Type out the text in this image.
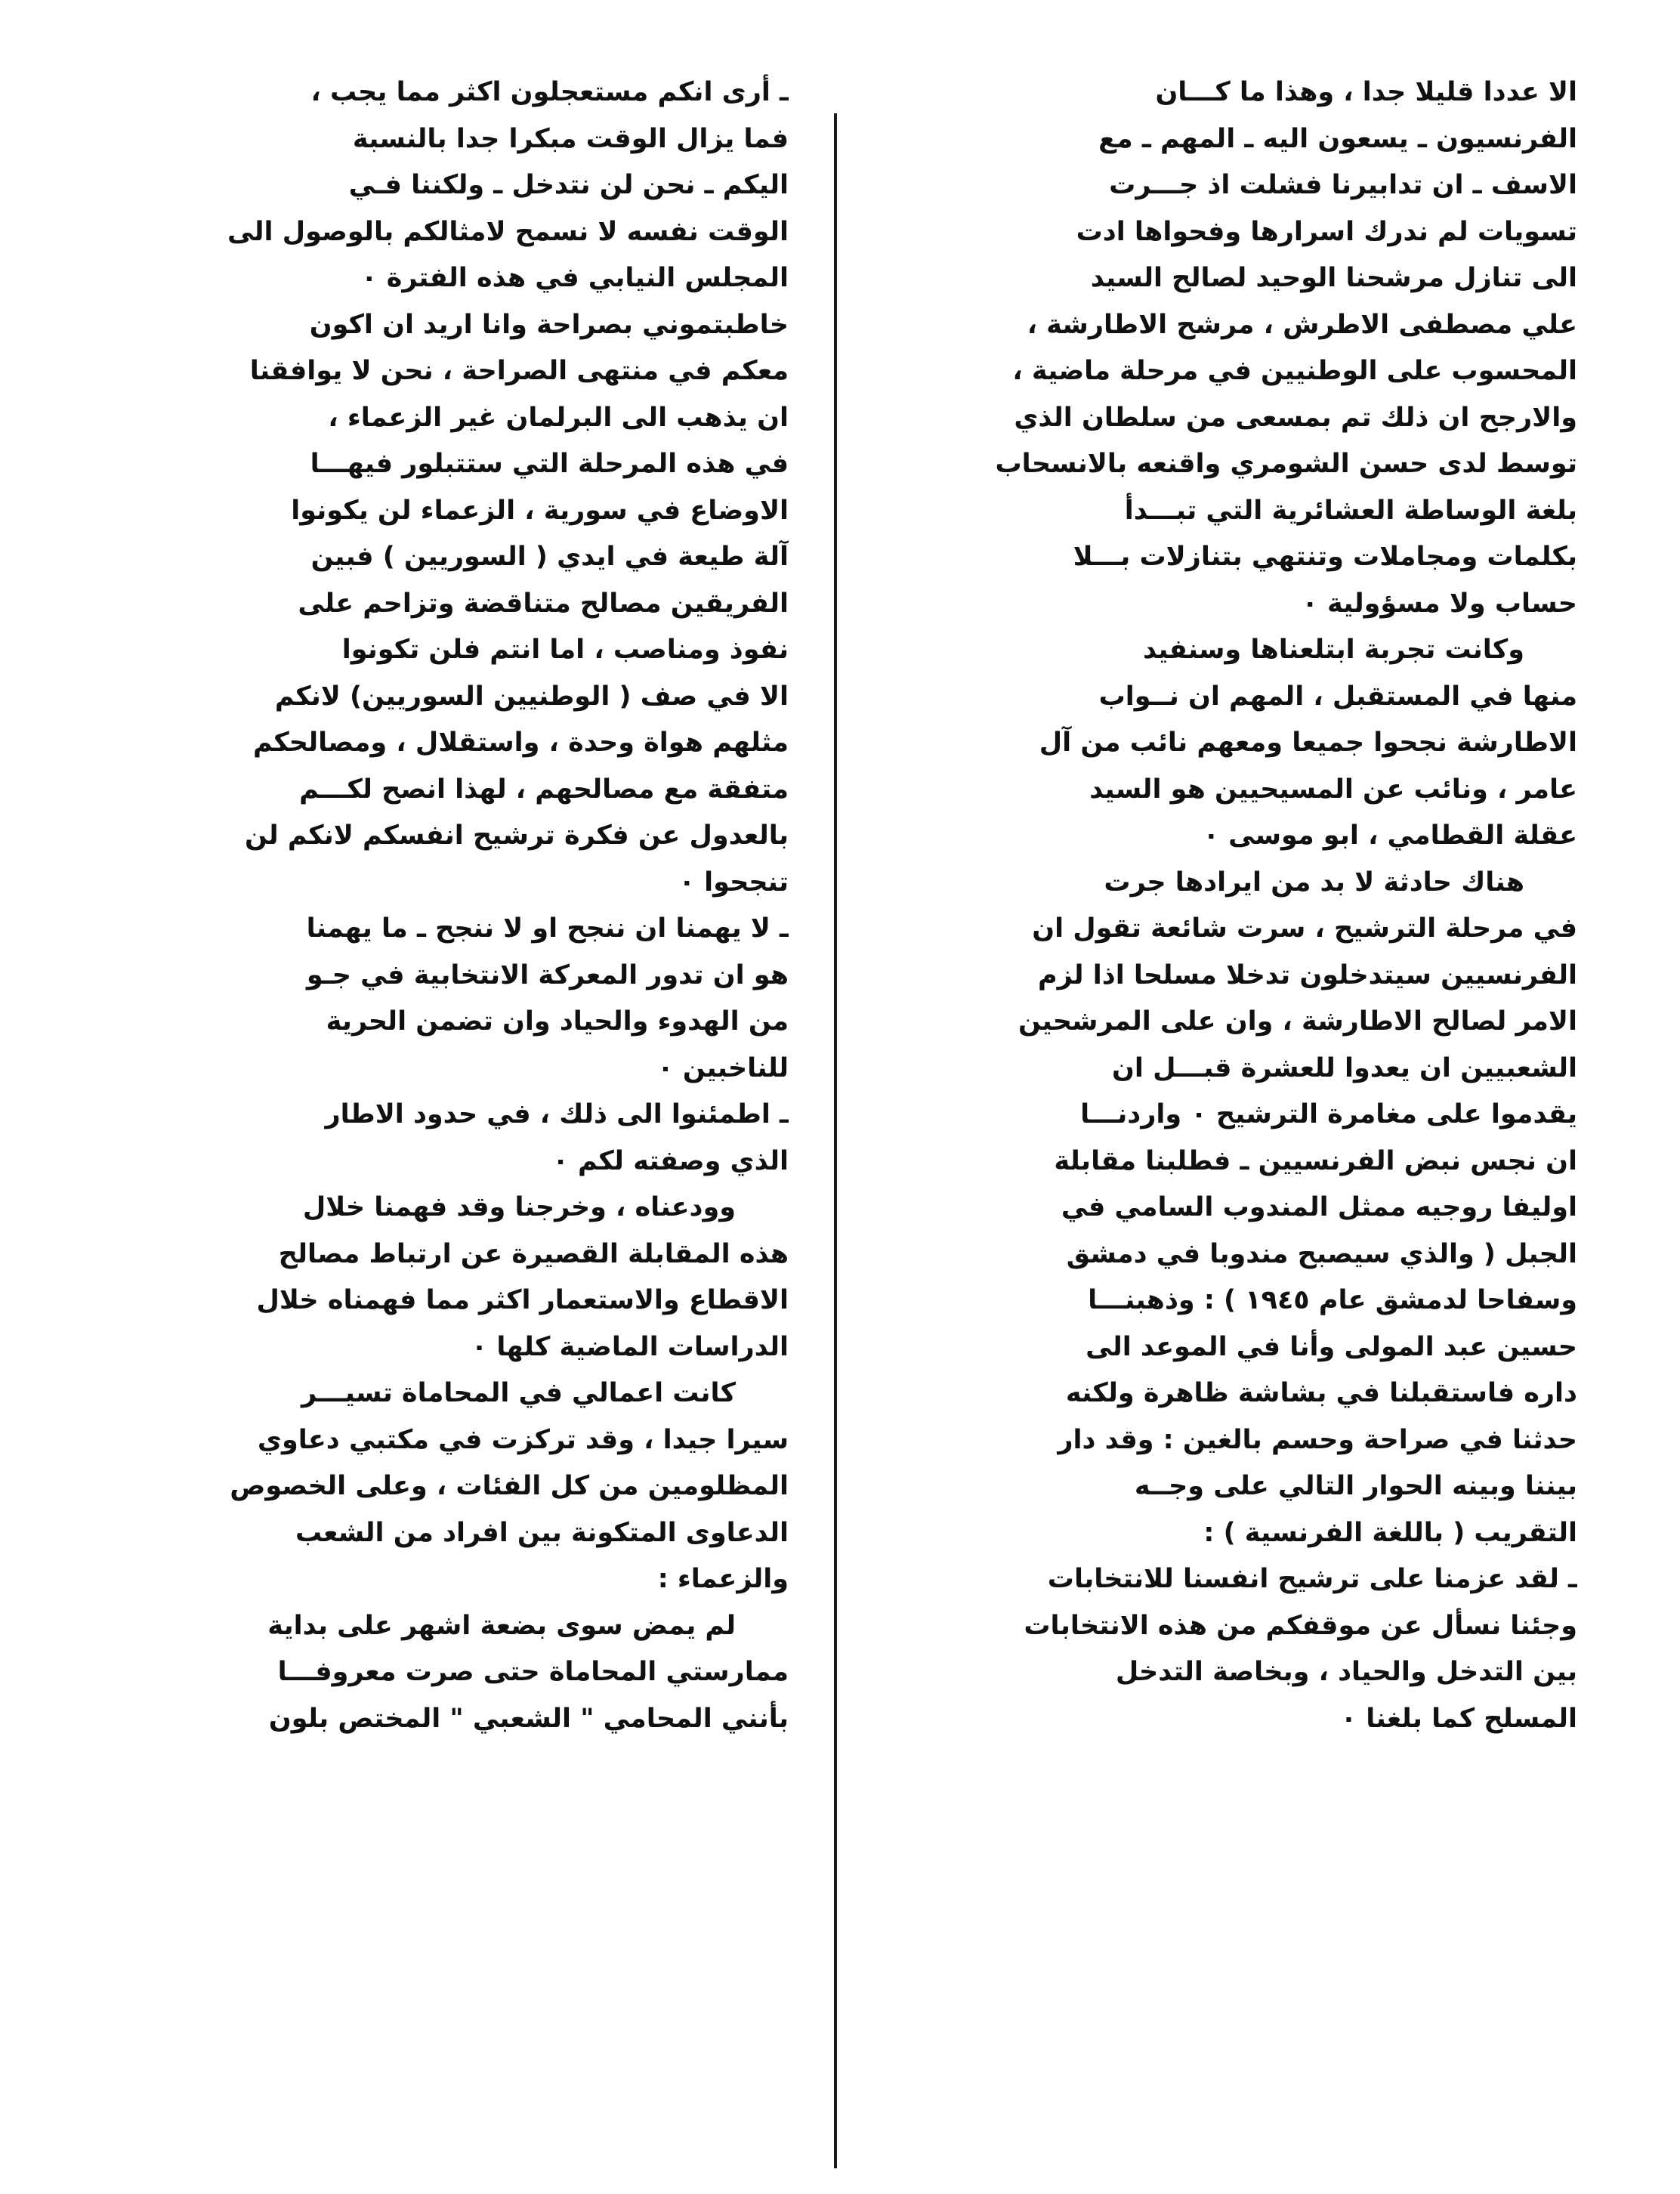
الا عددا قليلا جدا ، وهذا ما كـــان
الفرنسيون ـ يسعون اليه ـ المهم ـ مع
الاسف ـ ان تدابيرنا فشلت اذ جـــرت
تسويات لم ندرك اسرارها وفحواها ادت
الى تنازل مرشحنا الوحيد لصالح السيد
علي مصطفى الاطرش ، مرشح الاطارشة ،
المحسوب على الوطنيين في مرحلة ماضية ،
والارجح ان ذلك تم بمسعى من سلطان الذي
توسط لدى حسن الشومري واقنعه بالانسحاب
بلغة الوساطة العشائرية التي تبـــدأ
بكلمات ومجاملات وتنتهي بتنازلات بـــلا
حساب ولا مسؤولية ٠
وكانت تجربة ابتلعناها وسنفيد
منها في المستقبل ، المهم ان نــواب
الاطارشة نجحوا جميعا ومعهم نائب من آل
عامر ، ونائب عن المسيحيين هو السيد
عقلة القطامي ، ابو موسى ٠
هناك حادثة لا بد من ايرادها جرت
في مرحلة الترشيح ، سرت شائعة تقول ان
الفرنسيين سيتدخلون تدخلا مسلحا اذا لزم
الامر لصالح الاطارشة ، وان على المرشحين
الشعبيين ان يعدوا للعشرة قبـــل ان
يقدموا على مغامرة الترشيح ٠ واردنـــا
ان نجس نبض الفرنسيين ـ فطلبنا مقابلة
اوليفا روجيه ممثل المندوب السامي في
الجبل ( والذي سيصبح مندوبا في دمشق
وسفاحا لدمشق عام ١٩٤٥ ) : وذهبنـــا
حسين عبد المولى وأنا في الموعد الى
داره فاستقبلنا في بشاشة ظاهرة ولكنه
حدثنا في صراحة وحسم بالغين : وقد دار
بيننا وبينه الحوار التالي على وجــه
التقريب ( باللغة الفرنسية ) :
ـ لقد عزمنا على ترشيح انفسنا للانتخابات
وجئنا نسأل عن موقفكم من هذه الانتخابات
بين التدخل والحياد ، وبخاصة التدخل
المسلح كما بلغنا ٠
ـ أرى انكم مستعجلون اكثر مما يجب ،
فما يزال الوقت مبكرا جدا بالنسبة
اليكم ـ نحن لن نتدخل ـ ولكننا فـي
الوقت نفسه لا نسمح لامثالكم بالوصول الى
المجلس النيابي في هذه الفترة ٠
خاطبتموني بصراحة وانا اريد ان اكون
معكم في منتهى الصراحة ، نحن لا يوافقنا
ان يذهب الى البرلمان غير الزعماء ،
في هذه المرحلة التي ستتبلور فيهـــا
الاوضاع في سورية ، الزعماء لن يكونوا
آلة طيعة في ايدي ( السوريين ) فبين
الفريقين مصالح متناقضة وتزاحم على
نفوذ ومناصب ، اما انتم فلن تكونوا
الا في صف ( الوطنيين السوريين) لانكم
مثلهم هواة وحدة ، واستقلال ، ومصالحكم
متفقة مع مصالحهم ، لهذا انصح لكـــم
بالعدول عن فكرة ترشيح انفسكم لانكم لن
تنجحوا ٠
ـ لا يهمنا ان ننجح او لا ننجح ـ ما يهمنا
هو ان تدور المعركة الانتخابية في جـو
من الهدوء والحياد وان تضمن الحرية
للناخبين ٠
ـ اطمئنوا الى ذلك ، في حدود الاطار
الذي وصفته لكم ٠
وودعناه ، وخرجنا وقد فهمنا خلال
هذه المقابلة القصيرة عن ارتباط مصالح
الاقطاع والاستعمار اكثر مما فهمناه خلال
الدراسات الماضية كلها ٠
كانت اعمالي في المحاماة تسيـــر
سيرا جيدا ، وقد تركزت في مكتبي دعاوي
المظلومين من كل الفئات ، وعلى الخصوص
الدعاوى المتكونة بين افراد من الشعب
والزعماء :
لم يمض سوى بضعة اشهر على بداية
ممارستي المحاماة حتى صرت معروفـــا
بأنني المحامي " الشعبي " المختص بلون
